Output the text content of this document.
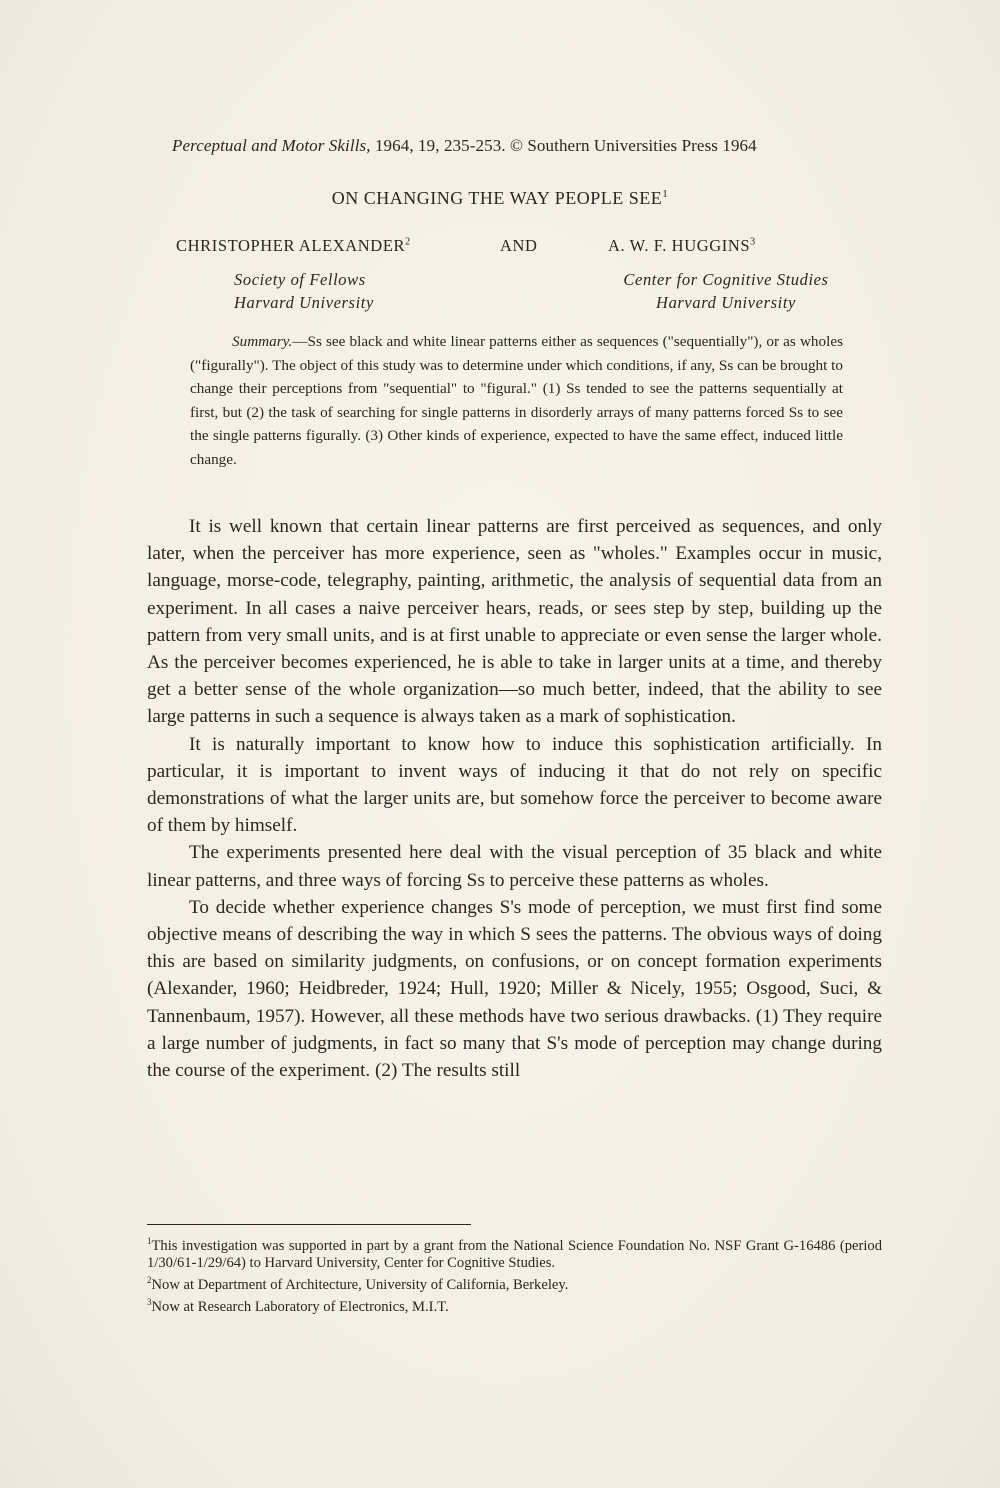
Perceptual and Motor Skills, 1964, 19, 235-253. © Southern Universities Press 1964
ON CHANGING THE WAY PEOPLE SEE$^1$
CHRISTOPHER ALEXANDER$^2$	AND	A. W. F. HUGGINS$^3$
Society of Fellows
Harvard University
Center for Cognitive Studies
Harvard University
Summary.—Ss see black and white linear patterns either as sequences ("sequentially"), or as wholes ("figurally"). The object of this study was to determine under which conditions, if any, Ss can be brought to change their perceptions from "sequential" to "figural." (1) Ss tended to see the patterns sequentially at first, but (2) the task of searching for single patterns in disorderly arrays of many patterns forced Ss to see the single patterns figurally. (3) Other kinds of experience, expected to have the same effect, induced little change.

It is well known that certain linear patterns are first perceived as sequences, and only later, when the perceiver has more experience, seen as "wholes." Examples occur in music, language, morse-code, telegraphy, painting, arithmetic, the analysis of sequential data from an experiment. In all cases a naive perceiver hears, reads, or sees step by step, building up the pattern from very small units, and is at first unable to appreciate or even sense the larger whole. As the perceiver becomes experienced, he is able to take in larger units at a time, and thereby get a better sense of the whole organization—so much better, indeed, that the ability to see large patterns in such a sequence is always taken as a mark of sophistication.

It is naturally important to know how to induce this sophistication artificially. In particular, it is important to invent ways of inducing it that do not rely on specific demonstrations of what the larger units are, but somehow force the perceiver to become aware of them by himself.

The experiments presented here deal with the visual perception of 35 black and white linear patterns, and three ways of forcing Ss to perceive these patterns as wholes.

To decide whether experience changes S's mode of perception, we must first find some objective means of describing the way in which S sees the patterns. The obvious ways of doing this are based on similarity judgments, on confusions, or on concept formation experiments (Alexander, 1960; Heidbreder, 1924; Hull, 1920; Miller & Nicely, 1955; Osgood, Suci, & Tannenbaum, 1957). However, all these methods have two serious drawbacks. (1) They require a large number of judgments, in fact so many that S's mode of perception may change during the course of the experiment. (2) The results still

$^1$This investigation was supported in part by a grant from the National Science Foundation No. NSF Grant G-16486 (period 1/30/61-1/29/64) to Harvard University, Center for Cognitive Studies.

$^2$Now at Department of Architecture, University of California, Berkeley.

$^3$Now at Research Laboratory of Electronics, M.I.T.
